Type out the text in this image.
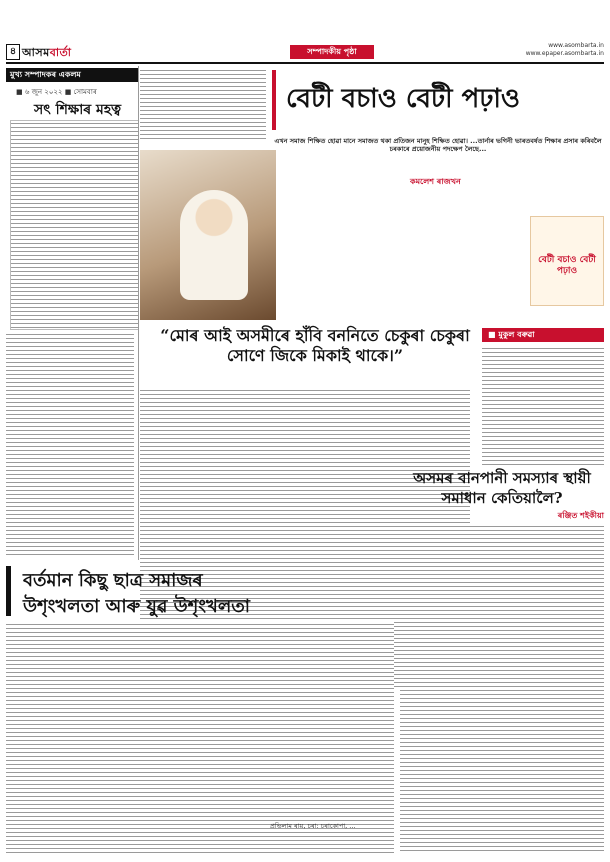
৪ আসমবাৰ্তা	সম্পাদকীয় পৃষ্ঠা
www.asombarta.in
www.epaper.asombarta.in
মুখ্য সম্পাদকৰ একলম
■ ৬ জুন ২০২২ ■ সোমবাৰ
সৎ শিক্ষাৰ মহত্ব	বেটী বচাও বেটী পঢ়াও
এখন সমাজ শিক্ষিত হোৱা মানে সমাজত থকা প্ৰতিজন মানুহ শিক্ষিত হোৱা। ...তাৰ্নাৰ ভগিনী ভাৰতবৰ্ষত শিক্ষাৰ প্ৰসাৰ কৰিবলৈ চৰকাৰে প্ৰয়োজনীয় পদক্ষেপ লৈছে...
কমলেশ ৰাজখন
বেটী বচাও বেটী পঢ়াও
“মোৰ আই অসমীৰে হাঁবি বননিতে চেকুৰা চেকুৰা সোণে জিকে মিকাই থাকে।”
■ মুকুল বৰুৱা
অসমৰ বানপানী সমস্যাৰ স্থায়ী সমাধান কেতিয়ালৈ?
ৰঞ্জিত শইকীয়া
বৰ্তমান কিছু ছাত্ৰ সমাজৰ
উশৃংখলতা আৰু যুৱ উশৃংখলতা
প্ৰভিলাম ৰায়, চৰা: চৰাকোপা, ...
